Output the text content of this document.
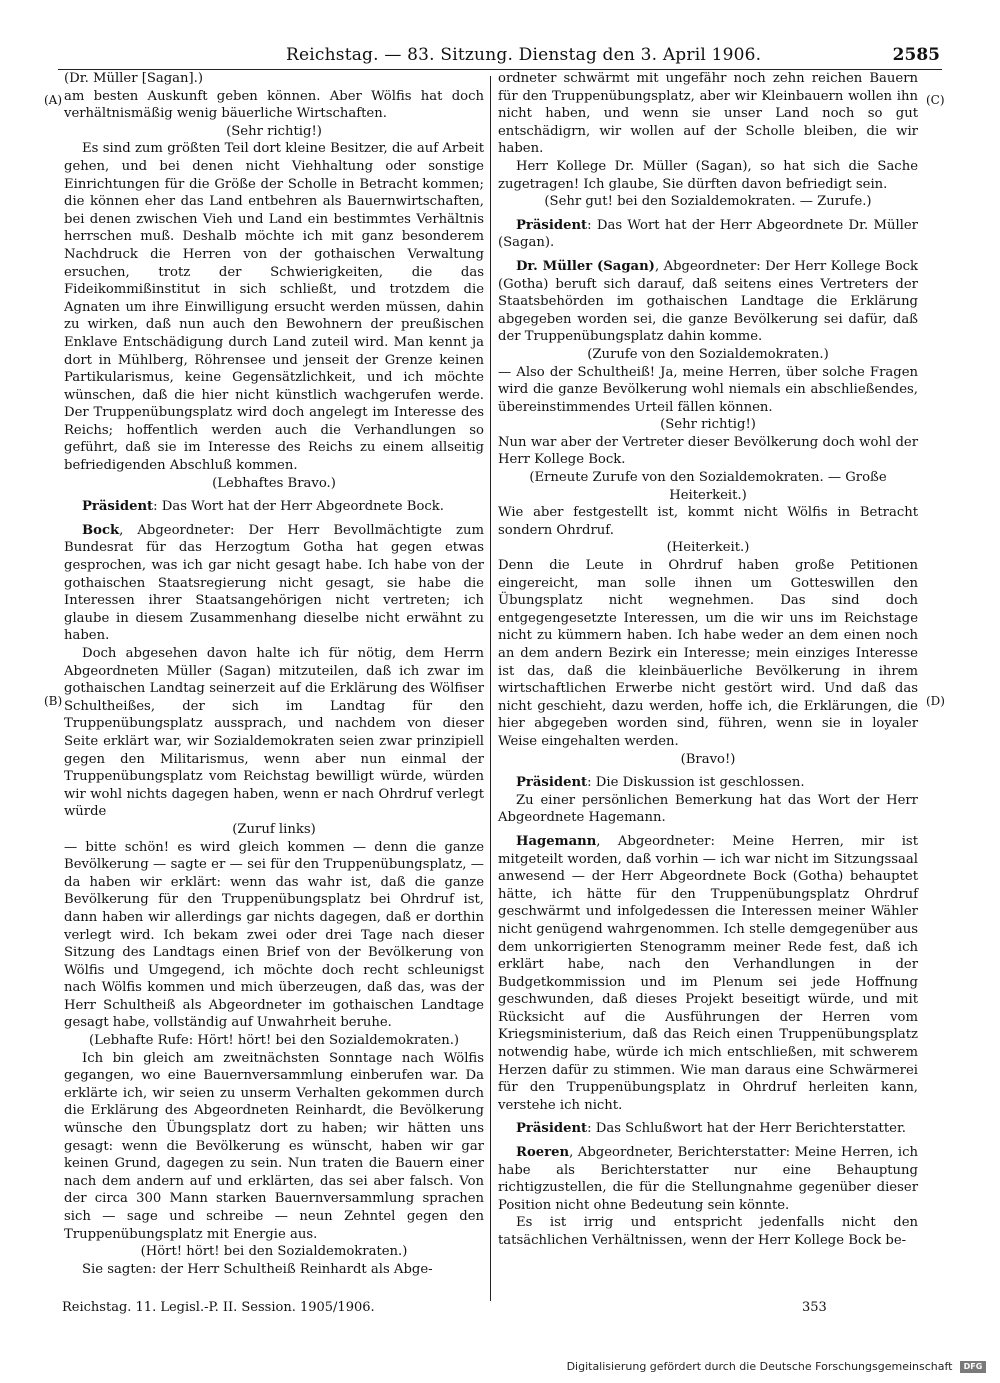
Reichstag. — 83. Sitzung. Dienstag den 3. April 1906.	2585
(A)
(B)
(C)
(D)

(Dr. Müller [Sagan].)

am besten Auskunft geben können. Aber Wölfis hat doch verhältnismäßig wenig bäuerliche Wirtschaften.

(Sehr richtig!)

Es sind zum größten Teil dort kleine Besitzer, die auf Arbeit gehen, und bei denen nicht Viehhaltung oder sonstige Einrichtungen für die Größe der Scholle in Betracht kommen; die können eher das Land entbehren als Bauernwirtschaften, bei denen zwischen Vieh und Land ein bestimmtes Verhältnis herrschen muß. Deshalb möchte ich mit ganz besonderem Nachdruck die Herren von der gothaischen Verwaltung ersuchen, trotz der Schwierigkeiten, die das Fideikommißinstitut in sich schließt, und trotzdem die Agnaten um ihre Einwilligung ersucht werden müssen, dahin zu wirken, daß nun auch den Bewohnern der preußischen Enklave Entschädigung durch Land zuteil wird. Man kennt ja dort in Mühlberg, Röhrensee und jenseit der Grenze keinen Partikularismus, keine Gegensätzlichkeit, und ich möchte wünschen, daß die hier nicht künstlich wachgerufen werde. Der Truppenübungsplatz wird doch angelegt im Interesse des Reichs; hoffentlich werden auch die Verhandlungen so geführt, daß sie im Interesse des Reichs zu einem allseitig befriedigenden Abschluß kommen.

(Lebhaftes Bravo.)

Präsident: Das Wort hat der Herr Abgeordnete Bock.

Bock, Abgeordneter: Der Herr Bevollmächtigte zum Bundesrat für das Herzogtum Gotha hat gegen etwas gesprochen, was ich gar nicht gesagt habe. Ich habe von der gothaischen Staatsregierung nicht gesagt, sie habe die Interessen ihrer Staatsangehörigen nicht vertreten; ich glaube in diesem Zusammenhang dieselbe nicht erwähnt zu haben.

Doch abgesehen davon halte ich für nötig, dem Herrn Abgeordneten Müller (Sagan) mitzuteilen, daß ich zwar im gothaischen Landtag seinerzeit auf die Erklärung des Wölfiser Schultheißes, der sich im Landtag für den Truppenübungsplatz aussprach, und nachdem von dieser Seite erklärt war, wir Sozialdemokraten seien zwar prinzipiell gegen den Militarismus, wenn aber nun einmal der Truppenübungsplatz vom Reichstag bewilligt würde, würden wir wohl nichts dagegen haben, wenn er nach Ohrdruf verlegt würde

(Zuruf links)

— bitte schön! es wird gleich kommen — denn die ganze Bevölkerung — sagte er — sei für den Truppenübungsplatz, — da haben wir erklärt: wenn das wahr ist, daß die ganze Bevölkerung für den Truppenübungsplatz bei Ohrdruf ist, dann haben wir allerdings gar nichts dagegen, daß er dorthin verlegt wird. Ich bekam zwei oder drei Tage nach dieser Sitzung des Landtags einen Brief von der Bevölkerung von Wölfis und Umgegend, ich möchte doch recht schleunigst nach Wölfis kommen und mich überzeugen, daß das, was der Herr Schultheiß als Abgeordneter im gothaischen Landtage gesagt habe, vollständig auf Unwahrheit beruhe.

(Lebhafte Rufe: Hört! hört! bei den Sozialdemokraten.)

Ich bin gleich am zweitnächsten Sonntage nach Wölfis gegangen, wo eine Bauernversammlung einberufen war. Da erklärte ich, wir seien zu unserm Verhalten gekommen durch die Erklärung des Abgeordneten Reinhardt, die Bevölkerung wünsche den Übungsplatz dort zu haben; wir hätten uns gesagt: wenn die Bevölkerung es wünscht, haben wir gar keinen Grund, dagegen zu sein. Nun traten die Bauern einer nach dem andern auf und erklärten, das sei aber falsch. Von der circa 300 Mann starken Bauernversammlung sprachen sich — sage und schreibe — neun Zehntel gegen den Truppenübungsplatz mit Energie aus.

(Hört! hört! bei den Sozialdemokraten.)

Sie sagten: der Herr Schultheiß Reinhardt als Abge-

ordneter schwärmt mit ungefähr noch zehn reichen Bauern für den Truppenübungsplatz, aber wir Kleinbauern wollen ihn nicht haben, und wenn sie unser Land noch so gut entschädigrn, wir wollen auf der Scholle bleiben, die wir haben.

Herr Kollege Dr. Müller (Sagan), so hat sich die Sache zugetragen! Ich glaube, Sie dürften davon befriedigt sein.

(Sehr gut! bei den Sozialdemokraten. — Zurufe.)

Präsident: Das Wort hat der Herr Abgeordnete Dr. Müller (Sagan).

Dr. Müller (Sagan), Abgeordneter: Der Herr Kollege Bock (Gotha) beruft sich darauf, daß seitens eines Vertreters der Staatsbehörden im gothaischen Landtage die Erklärung abgegeben worden sei, die ganze Bevölkerung sei dafür, daß der Truppenübungsplatz dahin komme.

(Zurufe von den Sozialdemokraten.)

— Also der Schultheiß! Ja, meine Herren, über solche Fragen wird die ganze Bevölkerung wohl niemals ein abschließendes, übereinstimmendes Urteil fällen können.

(Sehr richtig!)

Nun war aber der Vertreter dieser Bevölkerung doch wohl der Herr Kollege Bock.

(Erneute Zurufe von den Sozialdemokraten. — Große Heiterkeit.)

Wie aber festgestellt ist, kommt nicht Wölfis in Betracht sondern Ohrdruf.

(Heiterkeit.)

Denn die Leute in Ohrdruf haben große Petitionen eingereicht, man solle ihnen um Gotteswillen den Übungsplatz nicht wegnehmen. Das sind doch entgegengesetzte Interessen, um die wir uns im Reichstage nicht zu kümmern haben. Ich habe weder an dem einen noch an dem andern Bezirk ein Interesse; mein einziges Interesse ist das, daß die kleinbäuerliche Bevölkerung in ihrem wirtschaftlichen Erwerbe nicht gestört wird. Und daß das nicht geschieht, dazu werden, hoffe ich, die Erklärungen, die hier abgegeben worden sind, führen, wenn sie in loyaler Weise eingehalten werden.

(Bravo!)

Präsident: Die Diskussion ist geschlossen.

Zu einer persönlichen Bemerkung hat das Wort der Herr Abgeordnete Hagemann.

Hagemann, Abgeordneter: Meine Herren, mir ist mitgeteilt worden, daß vorhin — ich war nicht im Sitzungssaal anwesend — der Herr Abgeordnete Bock (Gotha) behauptet hätte, ich hätte für den Truppenübungsplatz Ohrdruf geschwärmt und infolgedessen die Interessen meiner Wähler nicht genügend wahrgenommen. Ich stelle demgegenüber aus dem unkorrigierten Stenogramm meiner Rede fest, daß ich erklärt habe, nach den Verhandlungen in der Budgetkommission und im Plenum sei jede Hoffnung geschwunden, daß dieses Projekt beseitigt würde, und mit Rücksicht auf die Ausführungen der Herren vom Kriegsministerium, daß das Reich einen Truppenübungsplatz notwendig habe, würde ich mich entschließen, mit schwerem Herzen dafür zu stimmen. Wie man daraus eine Schwärmerei für den Truppenübungsplatz in Ohrdruf herleiten kann, verstehe ich nicht.

Präsident: Das Schlußwort hat der Herr Berichterstatter.

Roeren, Abgeordneter, Berichterstatter: Meine Herren, ich habe als Berichterstatter nur eine Behauptung richtigzustellen, die für die Stellungnahme gegenüber dieser Position nicht ohne Bedeutung sein könnte.

Es ist irrig und entspricht jedenfalls nicht den tatsächlichen Verhältnissen, wenn der Herr Kollege Bock be-

Reichstag. 11. Legisl.-P. II. Session. 1905/1906.	353
Digitalisierung gefördert durch die Deutsche Forschungsgemeinschaft DFG
